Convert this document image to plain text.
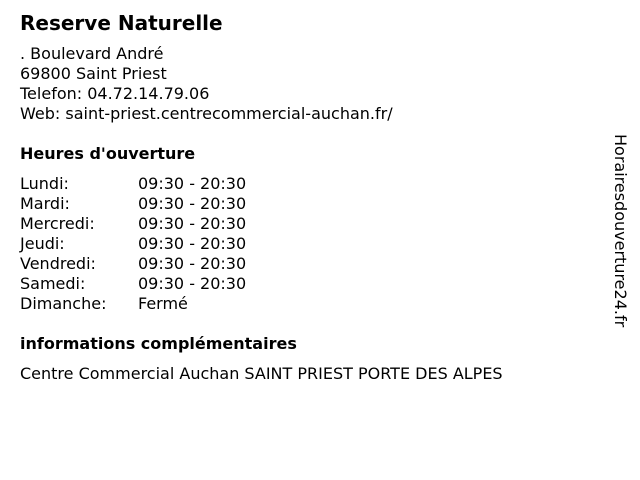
Reserve Naturelle
. Boulevard André
69800 Saint Priest
Telefon: 04.72.14.79.06
Web: saint-priest.centrecommercial-auchan.fr/
Heures d'ouverture
Lundi:	09:30 - 20:30
Mardi:	09:30 - 20:30
Mercredi:	09:30 - 20:30
Jeudi:	09:30 - 20:30
Vendredi:	09:30 - 20:30
Samedi:	09:30 - 20:30
Dimanche:	Fermé
informations complémentaires
Centre Commercial Auchan SAINT PRIEST PORTE DES ALPES
Horairesdouverture24.fr
